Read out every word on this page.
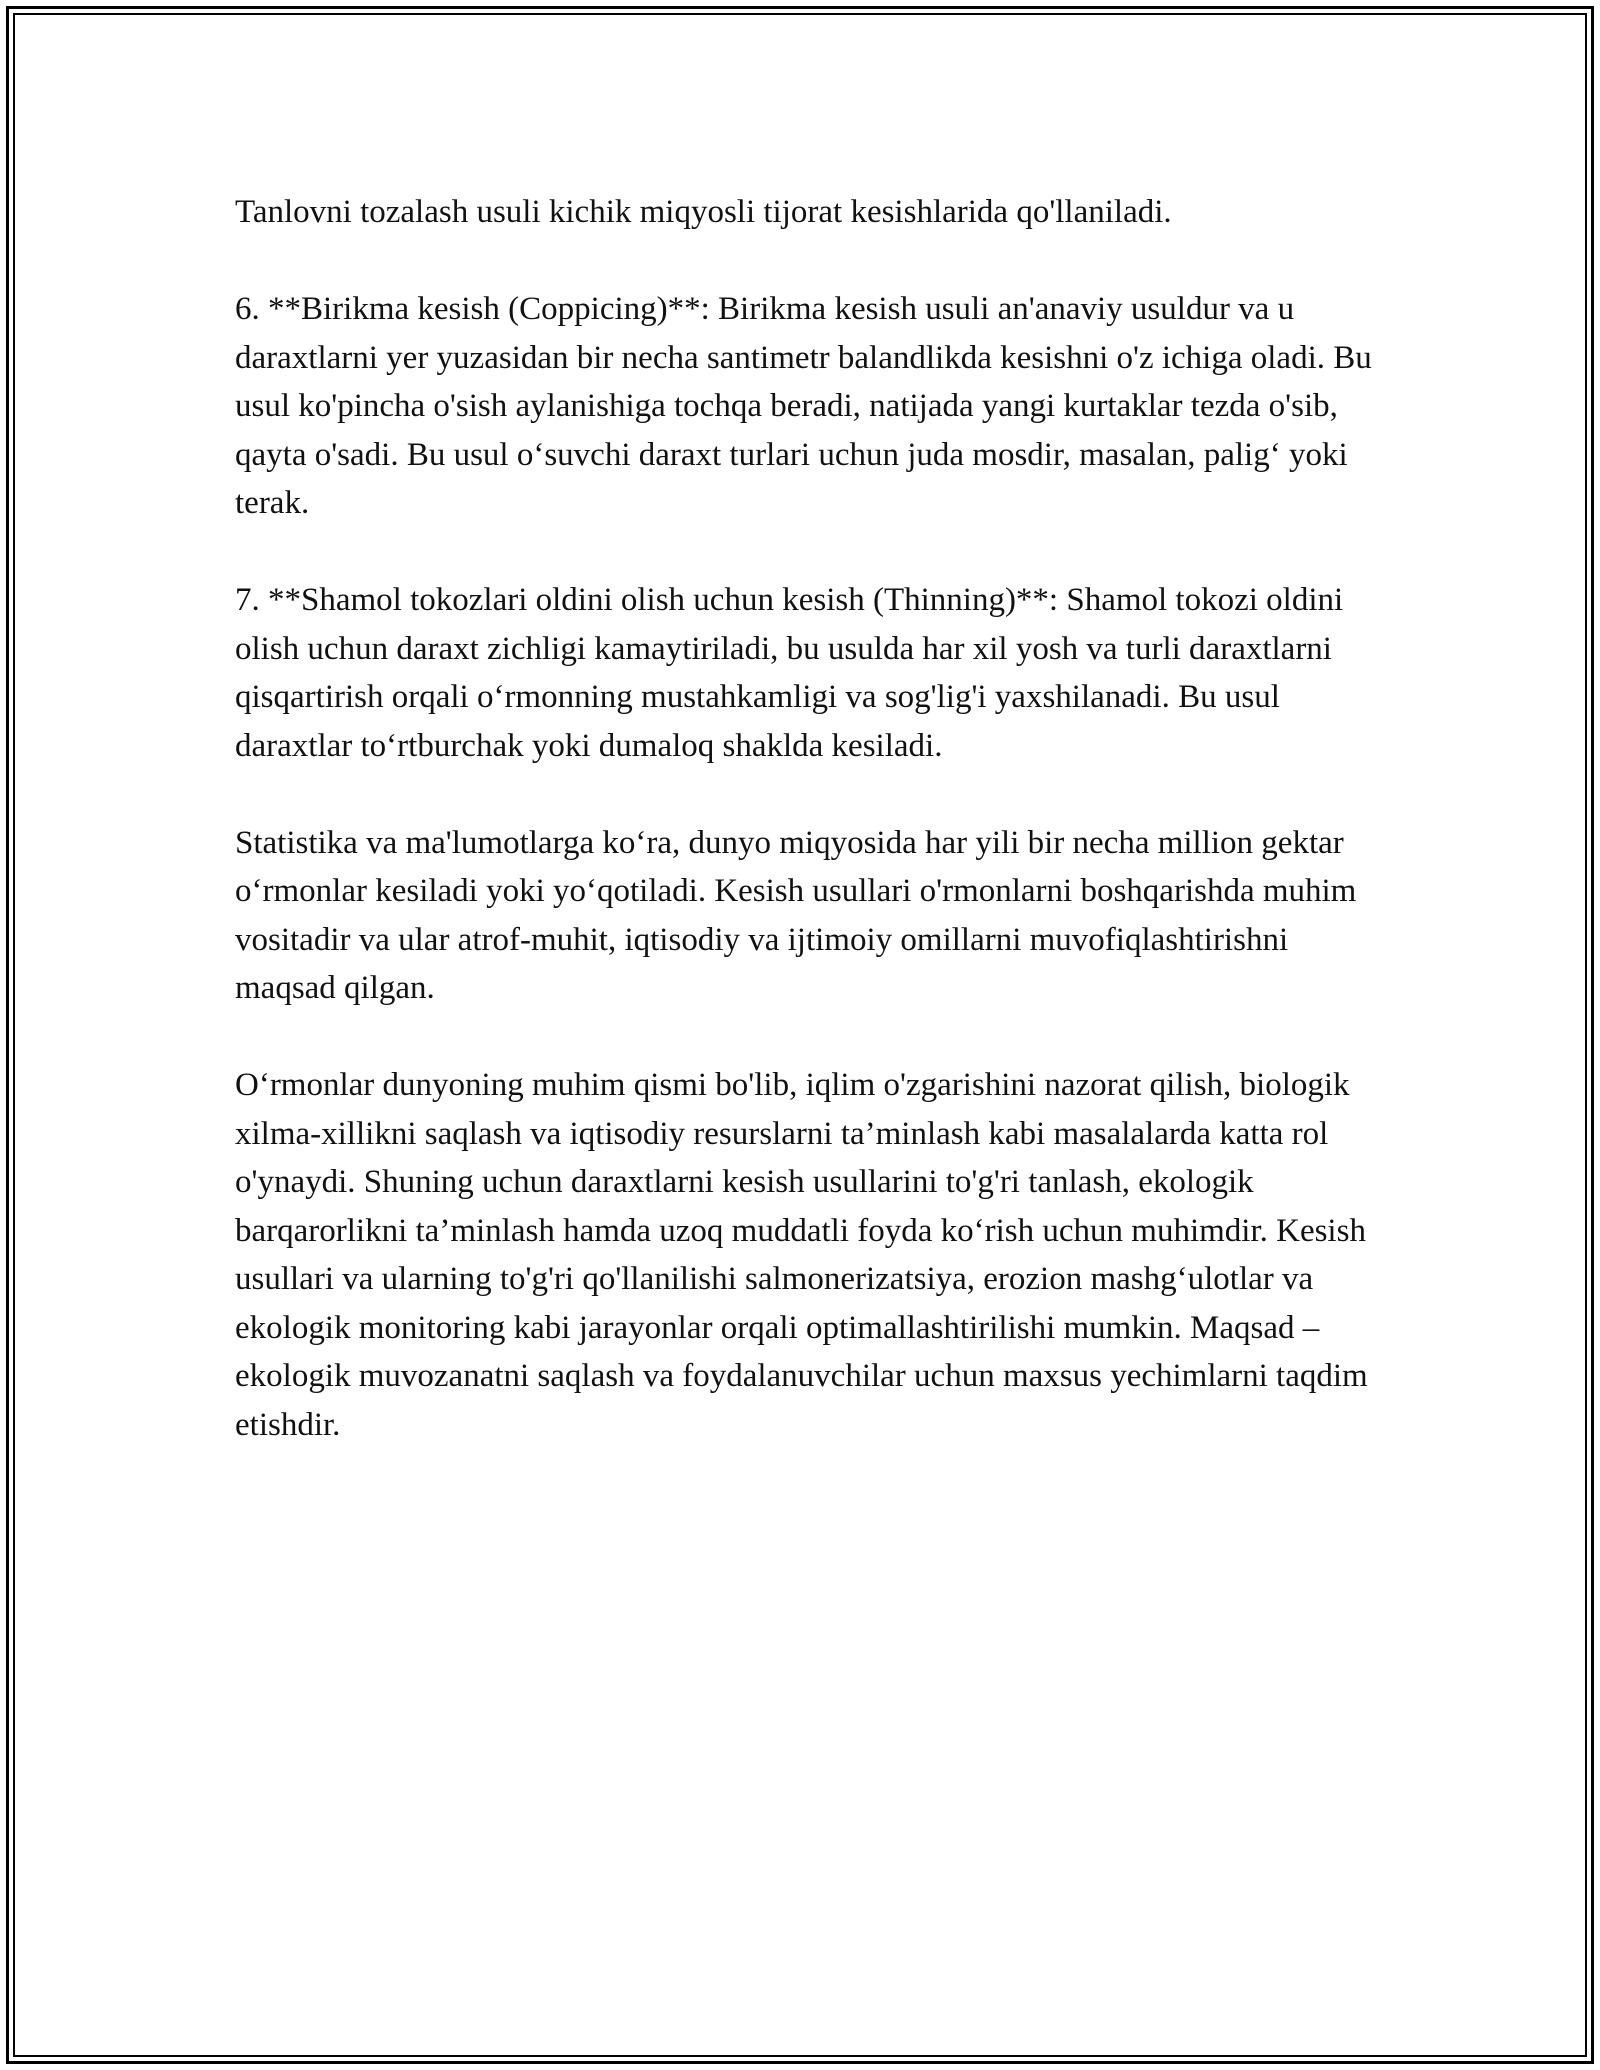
Tanlovni tozalash usuli kichik miqyosli tijorat kesishlarida qo'llaniladi.

6. **Birikma kesish (Coppicing)**: Birikma kesish usuli an'anaviy usuldur va u daraxtlarni yer yuzasidan bir necha santimetr balandlikda kesishni o'z ichiga oladi. Bu usul ko'pincha o'sish aylanishiga tochqa beradi, natijada yangi kurtaklar tezda o'sib, qayta o'sadi. Bu usul o‘suvchi daraxt turlari uchun juda mosdir, masalan, palig‘ yoki terak.

7. **Shamol tokozlari oldini olish uchun kesish (Thinning)**: Shamol tokozi oldini olish uchun daraxt zichligi kamaytiriladi, bu usulda har xil yosh va turli daraxtlarni qisqartirish orqali o‘rmonning mustahkamligi va sog'lig'i yaxshilanadi. Bu usul daraxtlar to‘rtburchak yoki dumaloq shaklda kesiladi.

Statistika va ma'lumotlarga ko‘ra, dunyo miqyosida har yili bir necha million gektar o‘rmonlar kesiladi yoki yo‘qotiladi. Kesish usullari o'rmonlarni boshqarishda muhim vositadir va ular atrof-muhit, iqtisodiy va ijtimoiy omillarni muvofiqlashtirishni maqsad qilgan.

O‘rmonlar dunyoning muhim qismi bo'lib, iqlim o'zgarishini nazorat qilish, biologik xilma-xillikni saqlash va iqtisodiy resurslarni ta’minlash kabi masalalarda katta rol o'ynaydi. Shuning uchun daraxtlarni kesish usullarini to'g'ri tanlash, ekologik barqarorlikni ta’minlash hamda uzoq muddatli foyda ko‘rish uchun muhimdir. Kesish usullari va ularning to'g'ri qo'llanilishi salmonerizatsiya, erozion mashg‘ulotlar va ekologik monitoring kabi jarayonlar orqali optimallashtirilishi mumkin. Maqsad – ekologik muvozanatni saqlash va foydalanuvchilar uchun maxsus yechimlarni taqdim etishdir.
